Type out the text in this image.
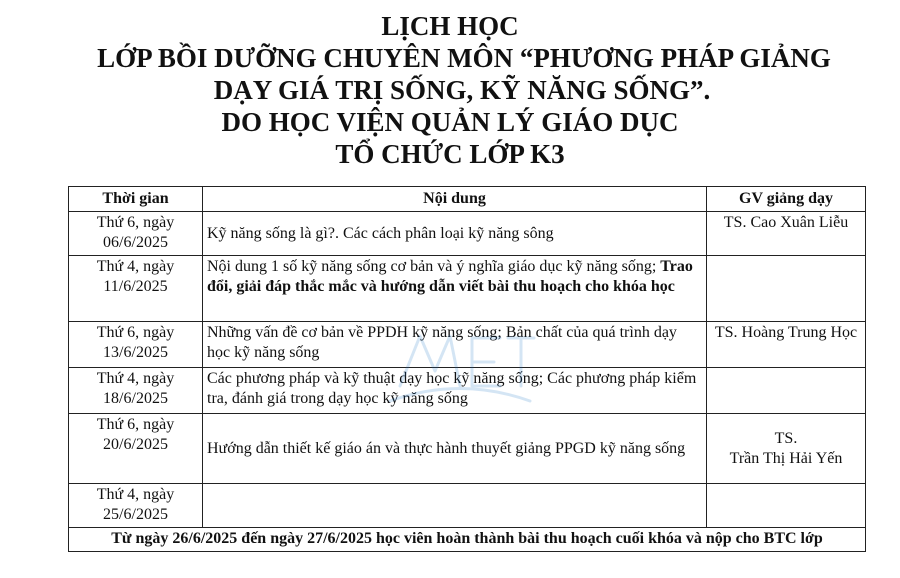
LỊCH HỌC
LỚP BỒI DƯỠNG CHUYÊN MÔN “PHƯƠNG PHÁP GIẢNG
DẠY GIÁ TRỊ SỐNG, KỸ NĂNG SỐNG”.
DO HỌC VIỆN QUẢN LÝ GIÁO DỤC
TỔ CHỨC LỚP K3
Thời gian	Nội dung	GV giảng dạy
Thứ 6, ngày
06/6/2025	Kỹ năng sống là gì?. Các cách phân loại kỹ năng sông	TS. Cao Xuân Liễu
Thứ 4, ngày
11/6/2025	Nội dung 1 số kỹ năng sống cơ bản và ý nghĩa giáo dục kỹ năng sống; Trao đổi, giải đáp thắc mắc và hướng dẫn viết bài thu hoạch cho khóa học	
Thứ 6, ngày
13/6/2025	Những vấn đề cơ bản về PPDH kỹ năng sống; Bản chất của quá trình dạy học kỹ năng sống	TS. Hoàng Trung Học
Thứ 4, ngày
18/6/2025	Các phương pháp và kỹ thuật dạy học kỹ năng sống; Các phương pháp kiểm tra, đánh giá trong dạy học kỹ năng sống	
Thứ 6, ngày
20/6/2025	Hướng dẫn thiết kế giáo án và thực hành thuyết giảng PPGD kỹ năng sống	TS.
Trần Thị Hải Yến
Thứ 4, ngày
25/6/2025		
Từ ngày 26/6/2025 đến ngày 27/6/2025 học viên hoàn thành bài thu hoạch cuối khóa và nộp cho BTC lớp		
